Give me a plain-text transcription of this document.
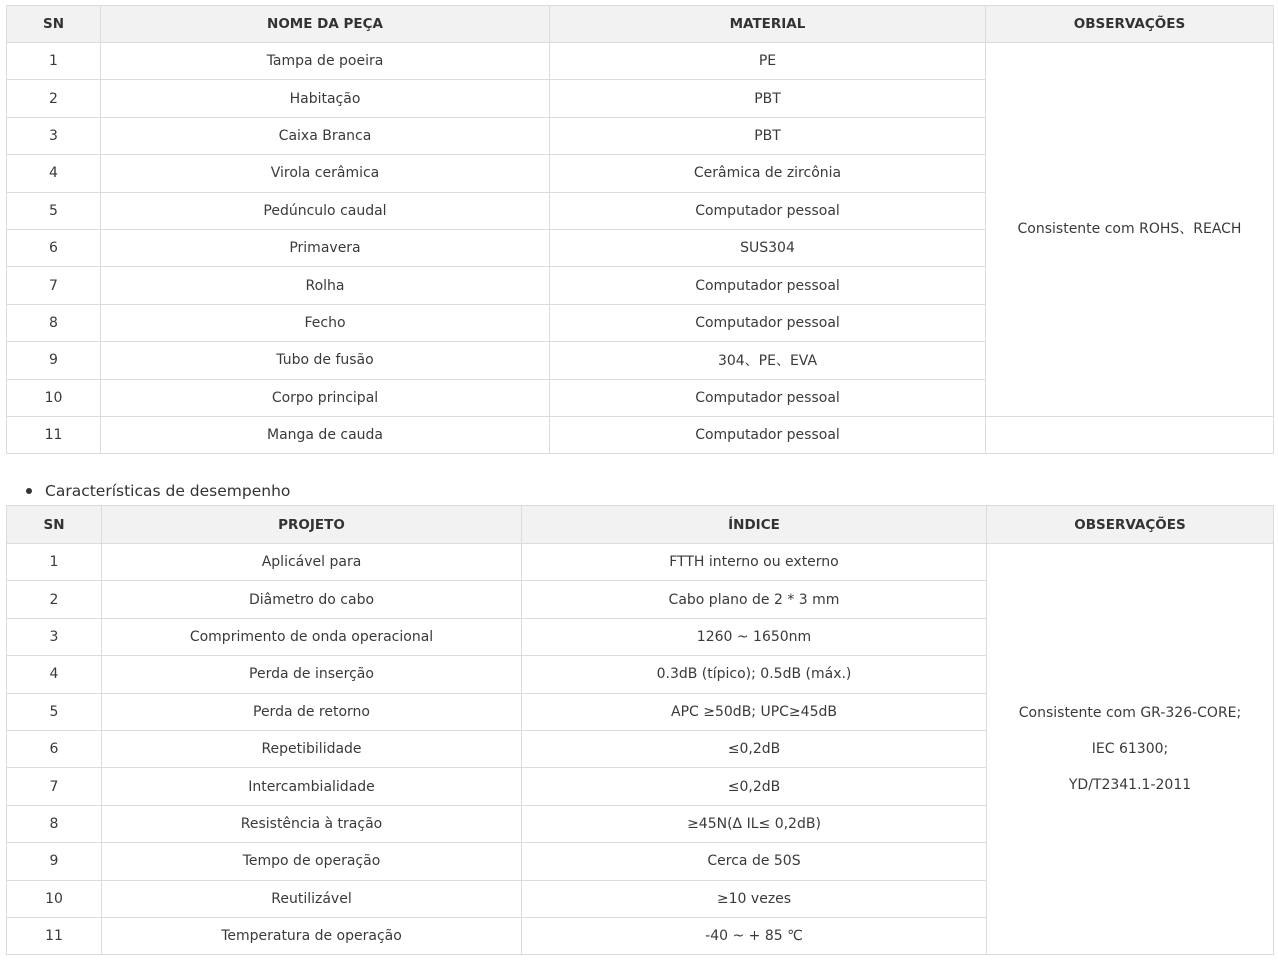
SN	NOME DA PEÇA	MATERIAL	OBSERVAÇÕES
1	Tampa de poeira	PE	Consistente com ROHS、REACH
2	Habitação	PBT	
3	Caixa Branca	PBT	
4	Virola cerâmica	Cerâmica de zircônia	
5	Pedúnculo caudal	Computador pessoal	
6	Primavera	SUS304	
7	Rolha	Computador pessoal	
8	Fecho	Computador pessoal	
9	Tubo de fusão	304、PE、EVA	
10	Corpo principal	Computador pessoal	
11	Manga de cauda	Computador pessoal	
Características de desempenho
SN	PROJETO	ÍNDICE	OBSERVAÇÕES
1	Aplicável para	FTTH interno ou externo	Consistente com GR-326-CORE;
IEC 61300;
YD/T2341.1-2011

2	Diâmetro do cabo	Cabo plano de 2 * 3 mm	
3	Comprimento de onda operacional	1260 ~ 1650nm	
4	Perda de inserção	0.3dB (típico); 0.5dB (máx.)	
5	Perda de retorno	APC ≥50dB; UPC≥45dB	
6	Repetibilidade	≤0,2dB	
7	Intercambialidade	≤0,2dB	
8	Resistência à tração	≥45N(Δ IL≤ 0,2dB)	
9	Tempo de operação	Cerca de 50S	
10	Reutilizável	≥10 vezes	
11	Temperatura de operação	-40 ~ + 85 ℃	
